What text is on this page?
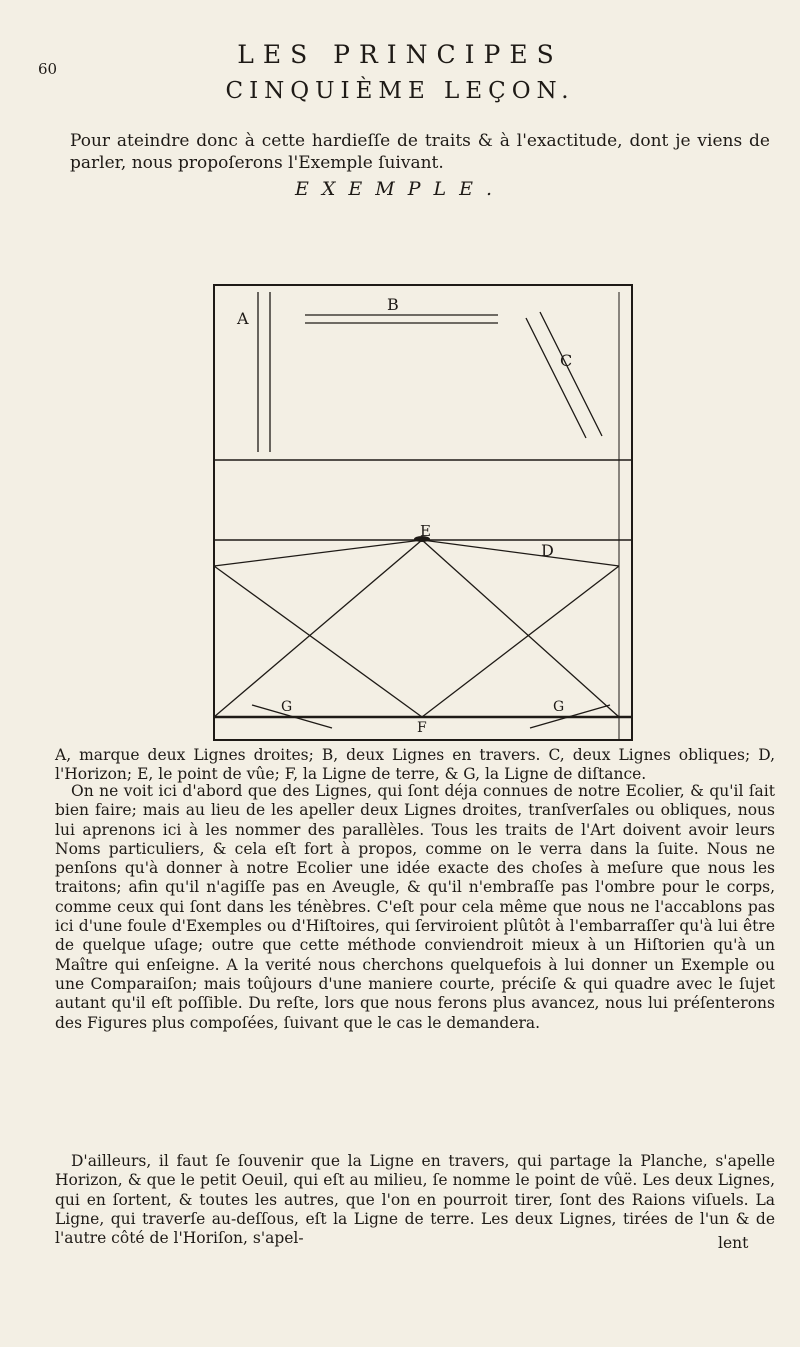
60	LES PRINCIPES
CINQUIÈME LEÇON.

Pour ateindre donc à cette hardieſſe de traits & à l'exactitude, dont je viens de parler, nous propoſerons l'Exemple ſuivant.

EXEMPLE.
A
B
C
E
D
G	G
F

A, marque deux Lignes droites; B, deux Lignes en travers. C, deux Lignes obliques; D, l'Horizon; E, le point de vûe; F, la Ligne de terre, & G, la Ligne de diſtance.

On ne voit ici d'abord que des Lignes, qui ſont déja connues de notre Ecolier, & qu'il ſait bien faire; mais au lieu de les apeller deux Lignes droites, tranſverſales ou obliques, nous lui aprenons ici à les nommer des parallèles. Tous les traits de l'Art doivent avoir leurs Noms particuliers, & cela eſt fort à propos, comme on le verra dans la ſuite. Nous ne penſons qu'à donner à notre Ecolier une idée exacte des choſes à meſure que nous les traitons; afin qu'il n'agiſſe pas en Aveugle, & qu'il n'embraſſe pas l'ombre pour le corps, comme ceux qui ſont dans les ténèbres. C'eſt pour cela même que nous ne l'accablons pas ici d'une foule d'Exemples ou d'Hiſtoires, qui ſerviroient plûtôt à l'embarraſſer qu'à lui être de quelque uſage; outre que cette méthode conviendroit mieux à un Hiſtorien qu'à un Maître qui enſeigne. A la verité nous cherchons quelquefois à lui donner un Exemple ou une Comparaiſon; mais toûjours d'une maniere courte, préciſe & qui quadre avec le ſujet autant qu'il eſt poſſible. Du reſte, lors que nous ferons plus avancez, nous lui préſenterons des Figures plus compoſées, ſuivant que le cas le demandera.

D'ailleurs, il faut ſe ſouvenir que la Ligne en travers, qui partage la Planche, s'apelle Horizon, & que le petit Oeuil, qui eſt au milieu, ſe nomme le point de vûë. Les deux Lignes, qui en ſortent, & toutes les autres, que l'on en pourroit tirer, ſont des Raions viſuels. La Ligne, qui traverſe au-deſſous, eſt la Ligne de terre. Les deux Lignes, tirées de l'un & de l'autre côté de l'Horiſon, s'apel-	lent
